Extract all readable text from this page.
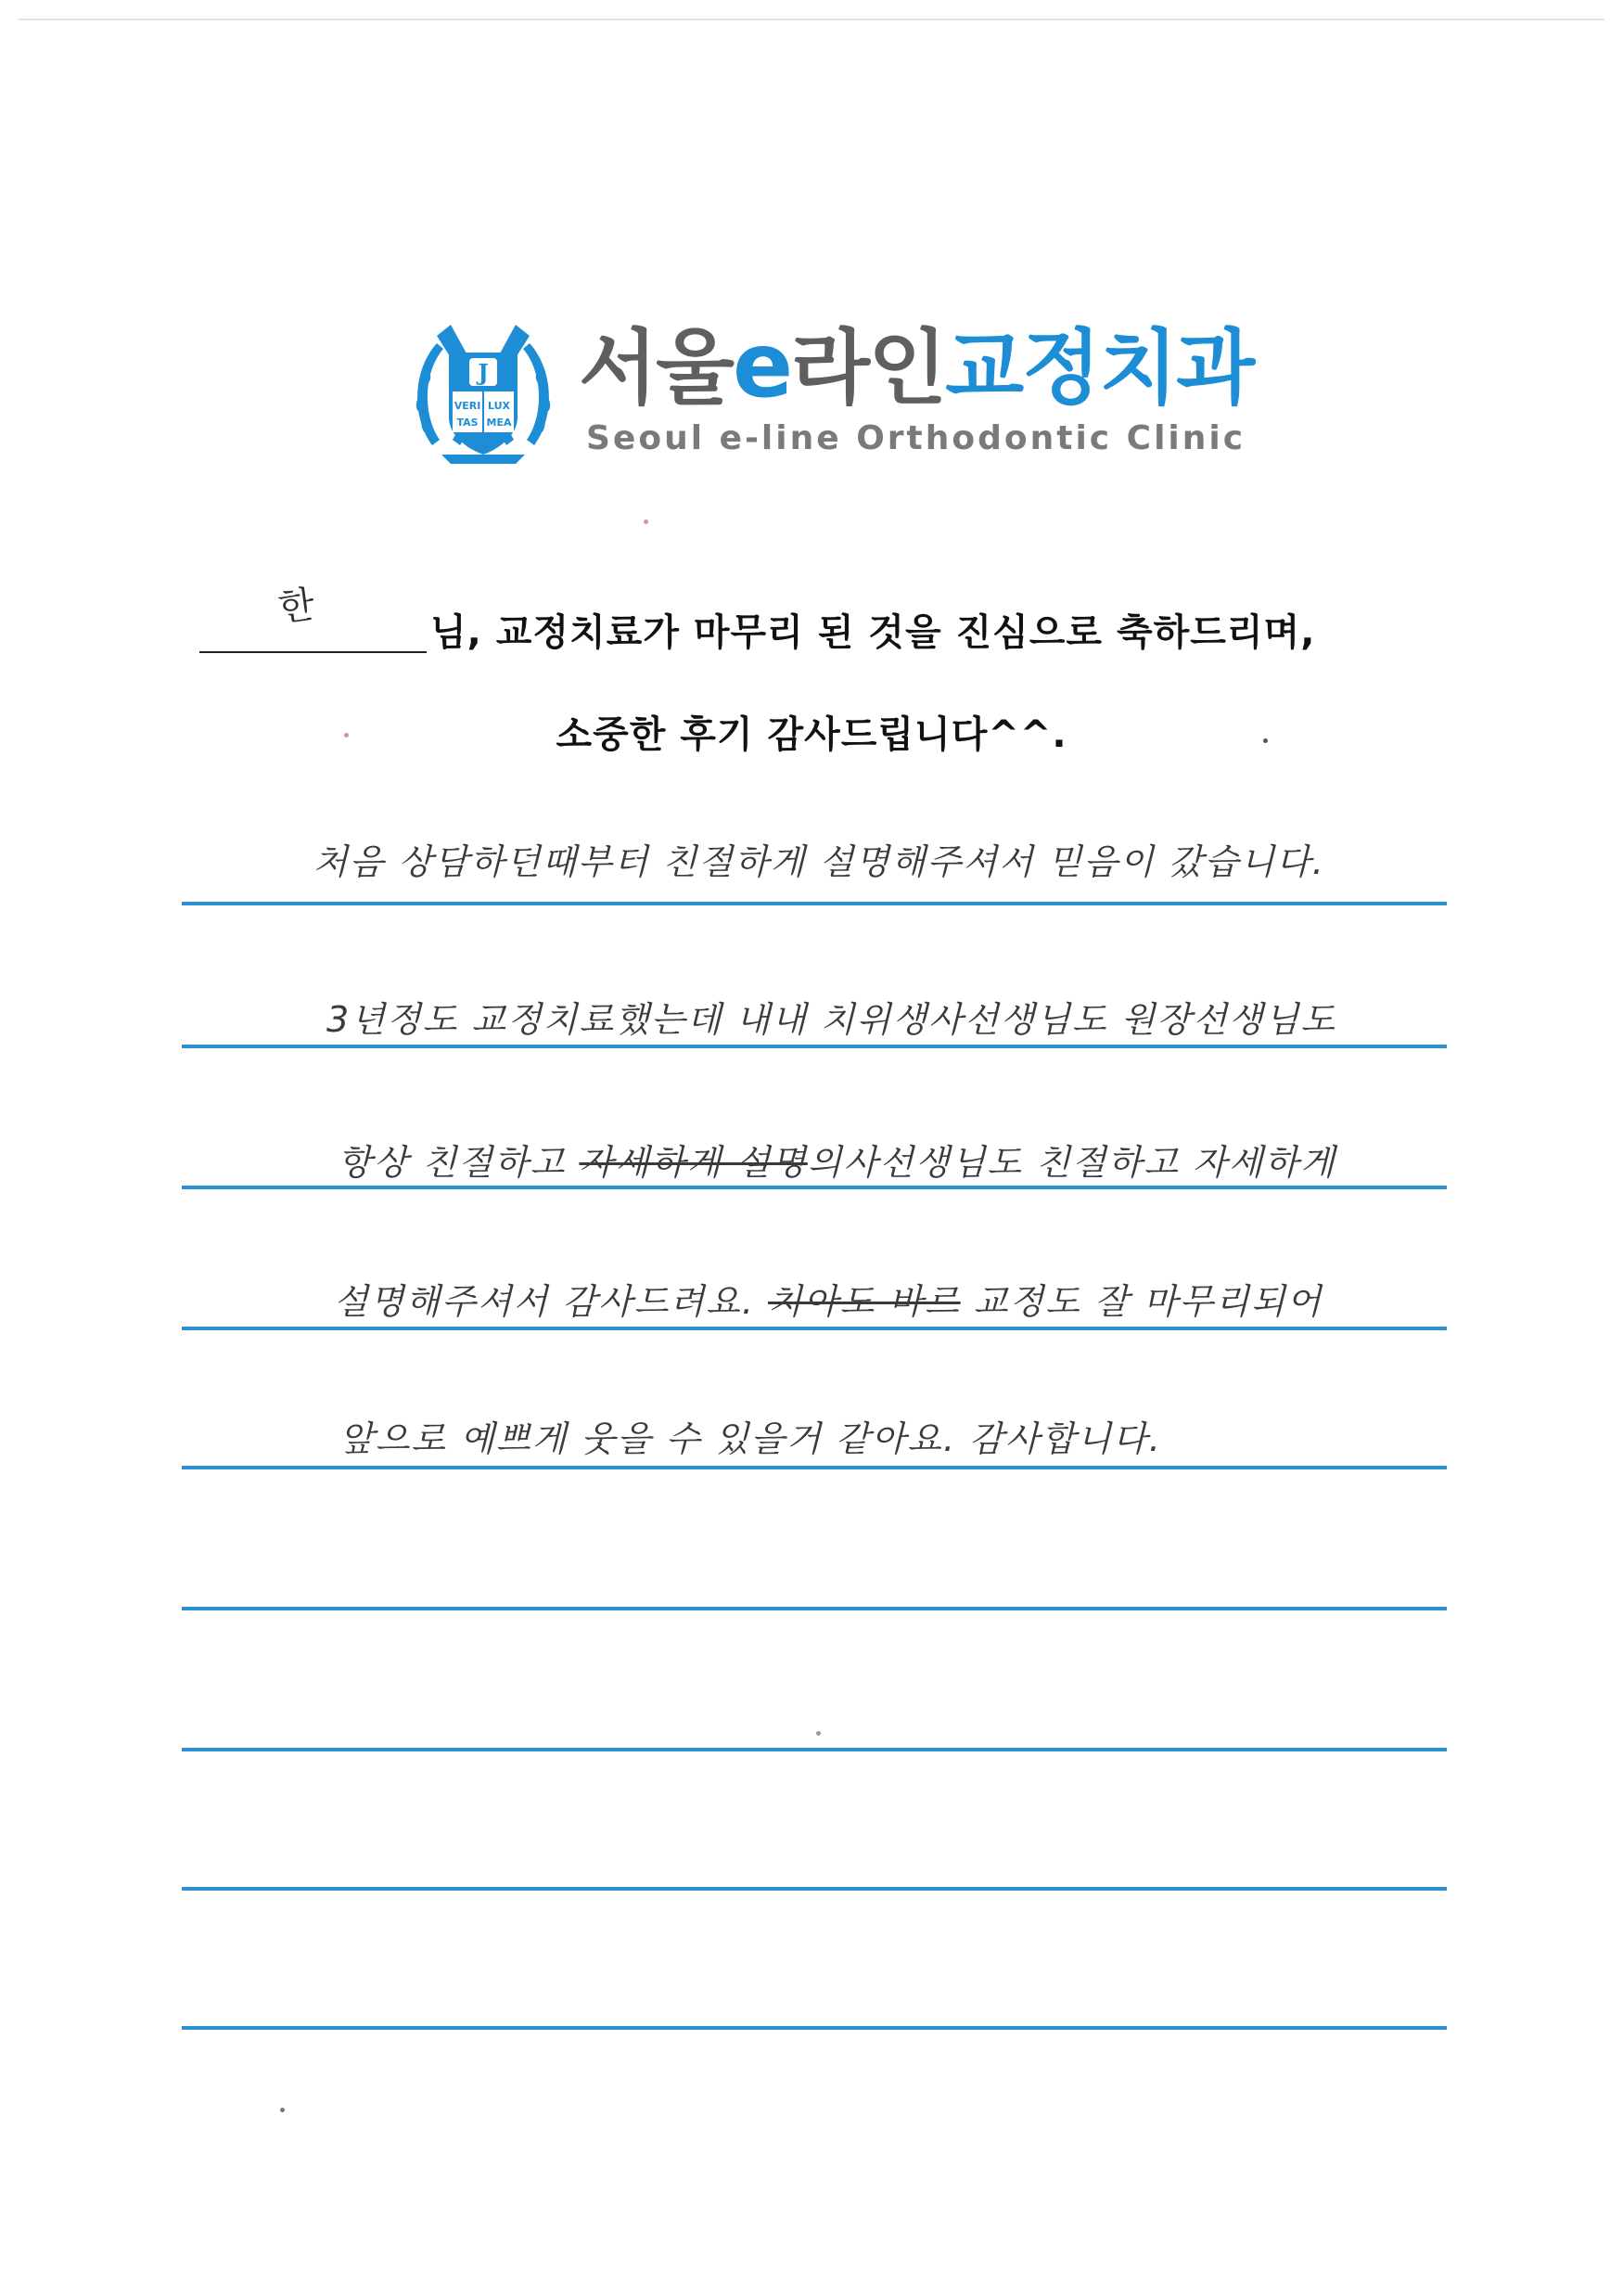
J
VERI LUX
TAS MEA
서울e라인교정치과
Seoul e-line Orthodontic Clinic
한
님, 교정치료가 마무리 된 것을 진심으로 축하드리며,
소중한 후기 감사드립니다^^.
처음 상담하던때부터 친절하게 설명해주셔서 믿음이 갔습니다.
3년정도 교정치료했는데 내내 치위생사선생님도 원장선생님도
항상 친절하고 자세하게 설명의사선생님도 친절하고 자세하게
설명해주셔서 감사드려요. 치아도 바르 교정도 잘 마무리되어
앞으로 예쁘게 웃을 수 있을거 같아요. 감사합니다.
